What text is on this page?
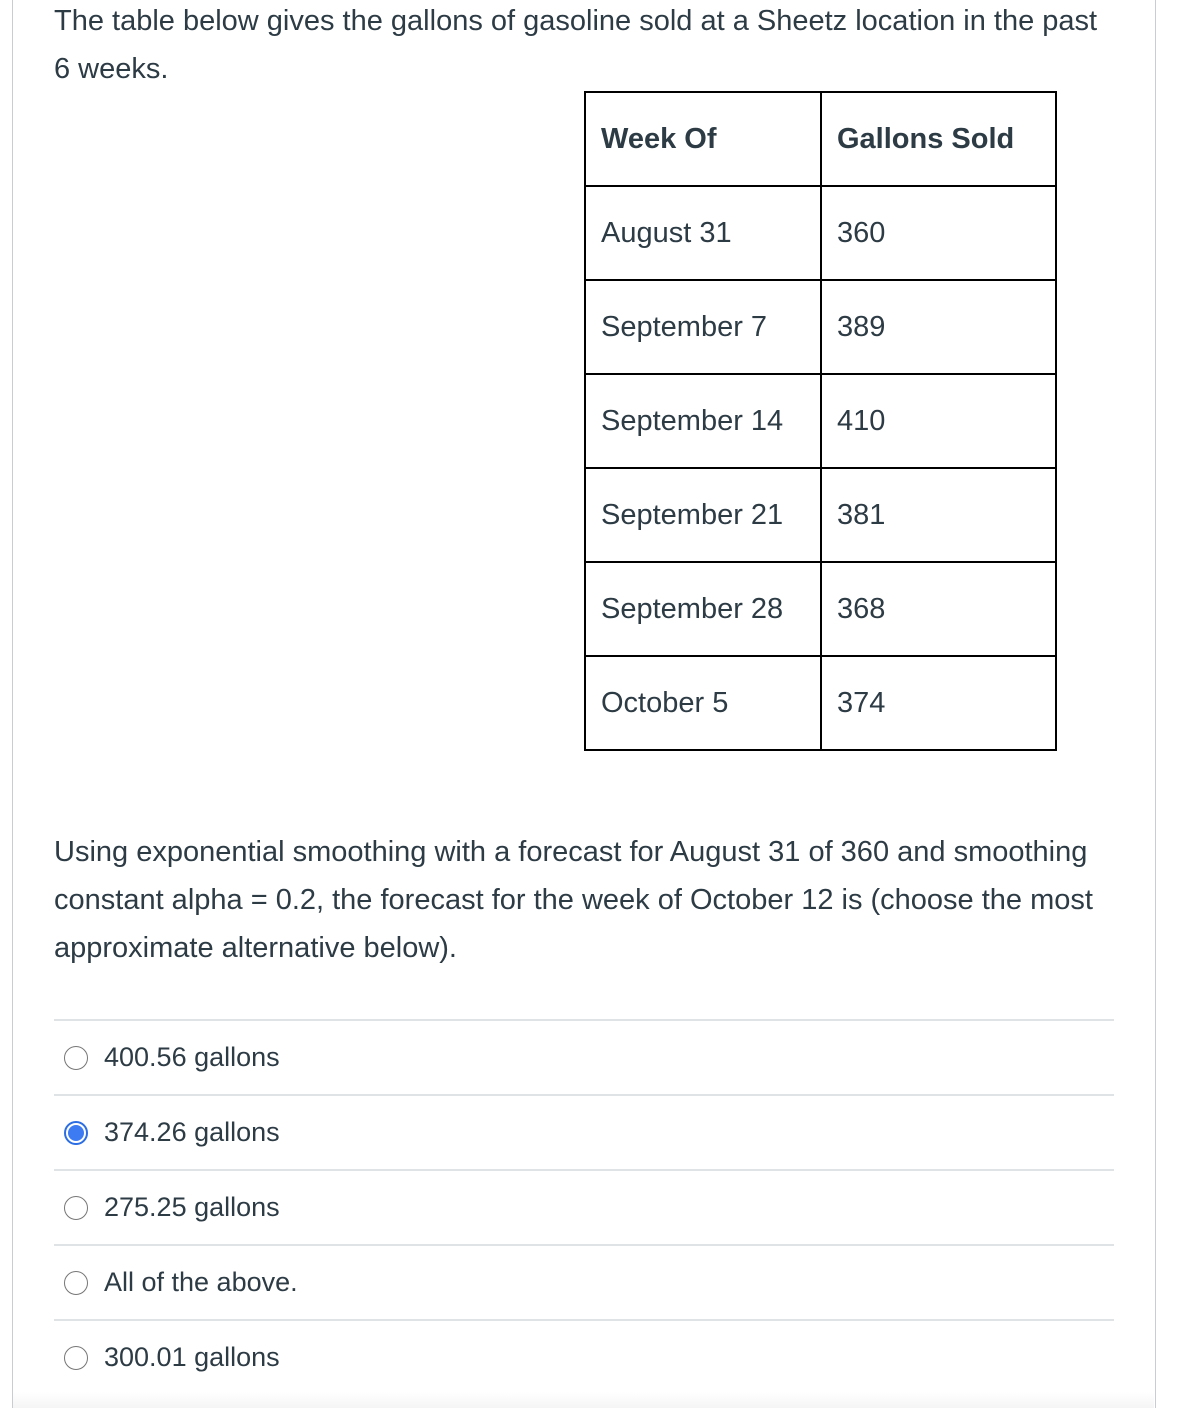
The table below gives the gallons of gasoline sold at a Sheetz location in the past 6 weeks.

Week Of	Gallons Sold
August 31	360
September 7	389
September 14	410
September 21	381
September 28	368
October 5	374

Using exponential smoothing with a forecast for August 31 of 360 and smoothing constant alpha = 0.2, the forecast for the week of October 12 is (choose the most approximate alternative below).

400.56 gallons
374.26 gallons
275.25 gallons
All of the above.
300.01 gallons
